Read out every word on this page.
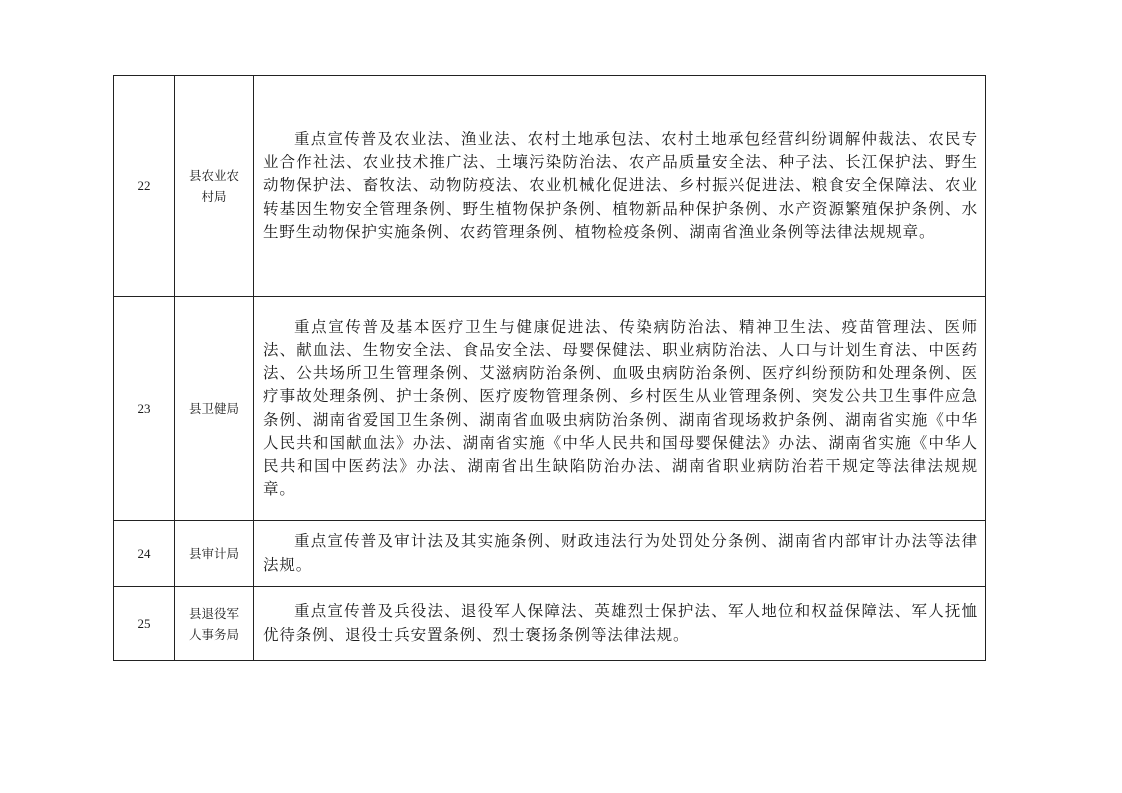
22	县农业农村局	重点宣传普及农业法、渔业法、农村土地承包法、农村土地承包经营纠纷调解仲裁法、农民专业合作社法、农业技术推广法、土壤污染防治法、农产品质量安全法、种子法、长江保护法、野生动物保护法、畜牧法、动物防疫法、农业机械化促进法、乡村振兴促进法、粮食安全保障法、农业转基因生物安全管理条例、野生植物保护条例、植物新品种保护条例、水产资源繁殖保护条例、水生野生动物保护实施条例、农药管理条例、植物检疫条例、湖南省渔业条例等法律法规规章。

23	县卫健局	重点宣传普及基本医疗卫生与健康促进法、传染病防治法、精神卫生法、疫苗管理法、医师法、献血法、生物安全法、食品安全法、母婴保健法、职业病防治法、人口与计划生育法、中医药法、公共场所卫生管理条例、艾滋病防治条例、血吸虫病防治条例、医疗纠纷预防和处理条例、医疗事故处理条例、护士条例、医疗废物管理条例、乡村医生从业管理条例、突发公共卫生事件应急条例、湖南省爱国卫生条例、湖南省血吸虫病防治条例、湖南省现场救护条例、湖南省实施《中华人民共和国献血法》办法、湖南省实施《中华人民共和国母婴保健法》办法、湖南省实施《中华人民共和国中医药法》办法、湖南省出生缺陷防治办法、湖南省职业病防治若干规定等法律法规规章。

24	县审计局	重点宣传普及审计法及其实施条例、财政违法行为处罚处分条例、湖南省内部审计办法等法律法规。

25	县退役军人事务局	重点宣传普及兵役法、退役军人保障法、英雄烈士保护法、军人地位和权益保障法、军人抚恤优待条例、退役士兵安置条例、烈士褒扬条例等法律法规。
